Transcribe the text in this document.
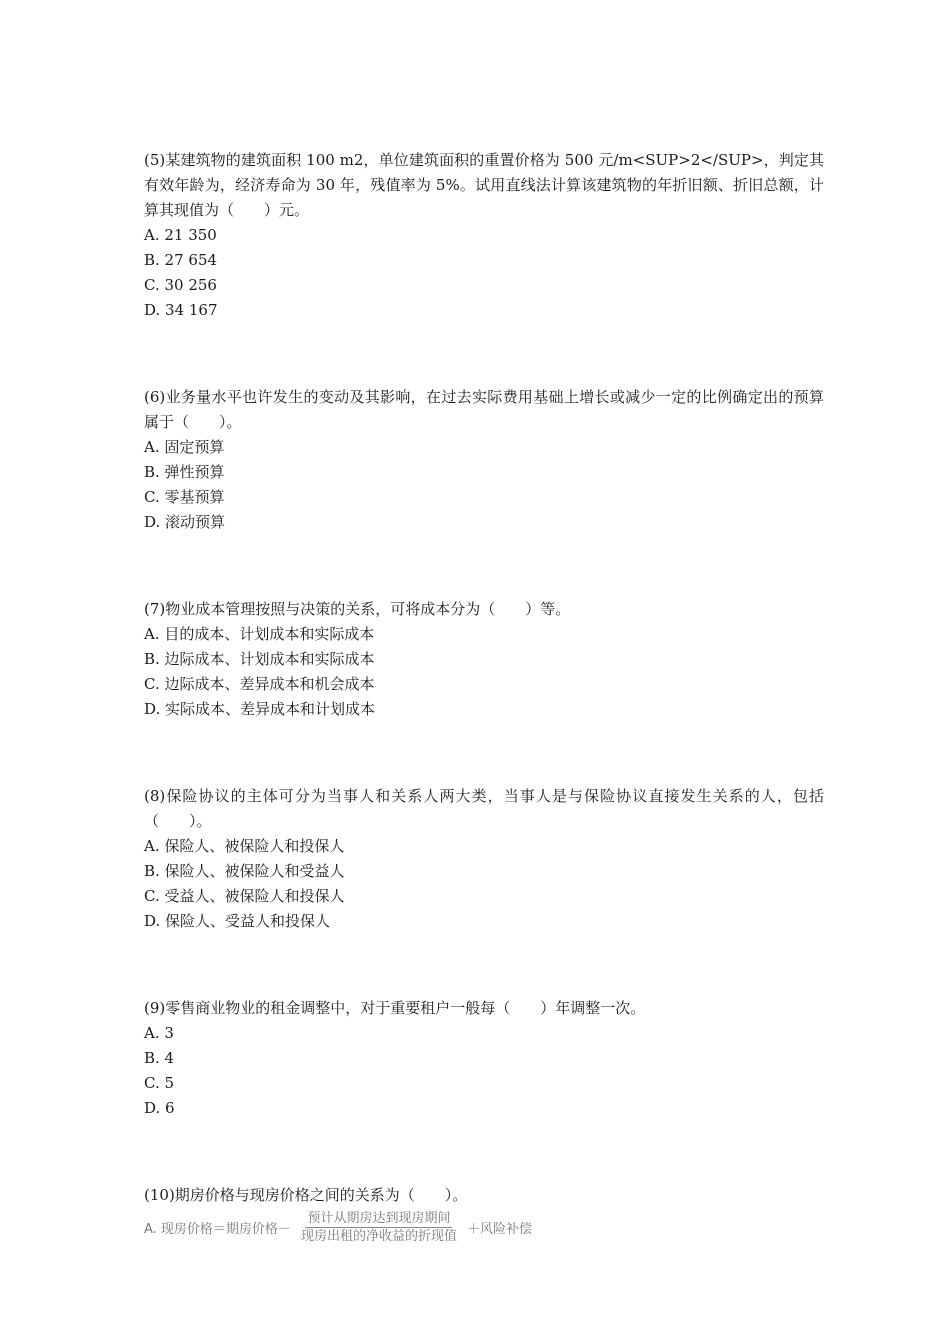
(5)某建筑物的建筑面积 100 m2，单位建筑面积的重置价格为 500 元/m<SUP>2</SUP>，判定其有效年龄为，经济寿命为 30 年，残值率为 5%。试用直线法计算该建筑物的年折旧额、折旧总额，计算其现值为（　　）元。

A. 21 350

B. 27 654

C. 30 256

D. 34 167

(6)业务量水平也许发生的变动及其影响，在过去实际费用基础上增长或减少一定的比例确定出的预算属于（　　）。

A. 固定预算

B. 弹性预算

C. 零基预算

D. 滚动预算

(7)物业成本管理按照与决策的关系，可将成本分为（　　）等。

A. 目的成本、计划成本和实际成本

B. 边际成本、计划成本和实际成本

C. 边际成本、差异成本和机会成本

D. 实际成本、差异成本和计划成本

(8)保险协议的主体可分为当事人和关系人两大类，当事人是与保险协议直接发生关系的人，包括（　　）。

A. 保险人、被保险人和投保人

B. 保险人、被保险人和受益人

C. 受益人、被保险人和投保人

D. 保险人、受益人和投保人

(9)零售商业物业的租金调整中，对于重要租户一般每（　　）年调整一次。

A. 3

B. 4

C. 5

D. 6

(10)期房价格与现房价格之间的关系为（　　）。

A. 现房价格＝期房价格－ $\frac{\text{预计从期房达到现房期间}}{\text{现房出租的净收益的折现值}}$ ＋风险补偿
